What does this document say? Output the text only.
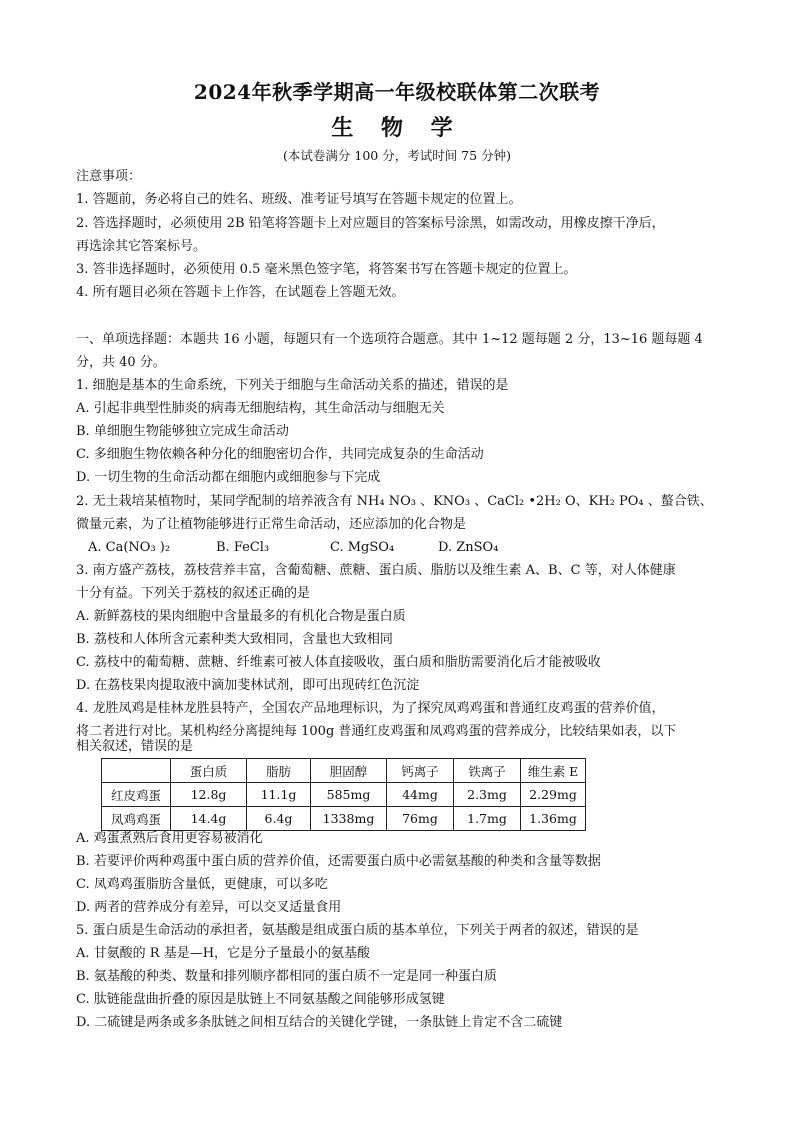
2024年秋季学期高一年级校联体第二次联考
生 物 学
(本试卷满分 100 分，考试时间 75 分钟)
注意事项：
1. 答题前，务必将自己的姓名、班级、准考证号填写在答题卡规定的位置上。
2. 答选择题时，必须使用 2B 铅笔将答题卡上对应题目的答案标号涂黑，如需改动，用橡皮擦干净后，
再选涂其它答案标号。
3. 答非选择题时，必须使用 0.5 毫米黑色签字笔，将答案书写在答题卡规定的位置上。
4. 所有题目必须在答题卡上作答，在试题卷上答题无效。
一、单项选择题：本题共 16 小题，每题只有一个选项符合题意。其中 1~12 题每题 2 分，13~16 题每题 4
分，共 40 分。
1. 细胞是基本的生命系统，下列关于细胞与生命活动关系的描述，错误的是
A. 引起非典型性肺炎的病毒无细胞结构，其生命活动与细胞无关
B. 单细胞生物能够独立完成生命活动
C. 多细胞生物依赖各种分化的细胞密切合作，共同完成复杂的生命活动
D. 一切生物的生命活动都在细胞内或细胞参与下完成
2. 无土栽培某植物时，某同学配制的培养液含有 NH₄ NO₃ 、KNO₃ 、CaCl₂ •2H₂ O、KH₂ PO₄ 、螯合铁、
微量元素，为了让植物能够进行正常生命活动，还应添加的化合物是
A. Ca(NO₃ )₂	B. FeCl₃	C. MgSO₄	D. ZnSO₄
3. 南方盛产荔枝，荔枝营养丰富，含葡萄糖、蔗糖、蛋白质、脂肪以及维生素 A、B、C 等，对人体健康
十分有益。下列关于荔枝的叙述正确的是
A. 新鲜荔枝的果肉细胞中含量最多的有机化合物是蛋白质
B. 荔枝和人体所含元素种类大致相同，含量也大致相同
C. 荔枝中的葡萄糖、蔗糖、纤维素可被人体直接吸收，蛋白质和脂肪需要消化后才能被吸收
D. 在荔枝果肉提取液中滴加斐林试剂，即可出现砖红色沉淀
4. 龙胜凤鸡是桂林龙胜县特产，全国农产品地理标识，为了探究凤鸡鸡蛋和普通红皮鸡蛋的营养价值，
将二者进行对比。某机构经分离提纯每 100g 普通红皮鸡蛋和凤鸡鸡蛋的营养成分，比较结果如表，以下
相关叙述，错误的是
	蛋白质	脂肪	胆固醇	钙离子	铁离子	维生素 E
红皮鸡蛋	12.8g	11.1g	585mg	44mg	2.3mg	2.29mg
凤鸡鸡蛋	14.4g	6.4g	1338mg	76mg	1.7mg	1.36mg
A. 鸡蛋煮熟后食用更容易被消化
B. 若要评价两种鸡蛋中蛋白质的营养价值，还需要蛋白质中必需氨基酸的种类和含量等数据
C. 凤鸡鸡蛋脂肪含量低，更健康，可以多吃
D. 两者的营养成分有差异，可以交叉适量食用
5. 蛋白质是生命活动的承担者，氨基酸是组成蛋白质的基本单位，下列关于两者的叙述，错误的是
A. 甘氨酸的 R 基是—H，它是分子量最小的氨基酸
B. 氨基酸的种类、数量和排列顺序都相同的蛋白质不一定是同一种蛋白质
C. 肽链能盘曲折叠的原因是肽链上不同氨基酸之间能够形成氢键
D. 二硫键是两条或多条肽链之间相互结合的关键化学键，一条肽链上肯定不含二硫键
